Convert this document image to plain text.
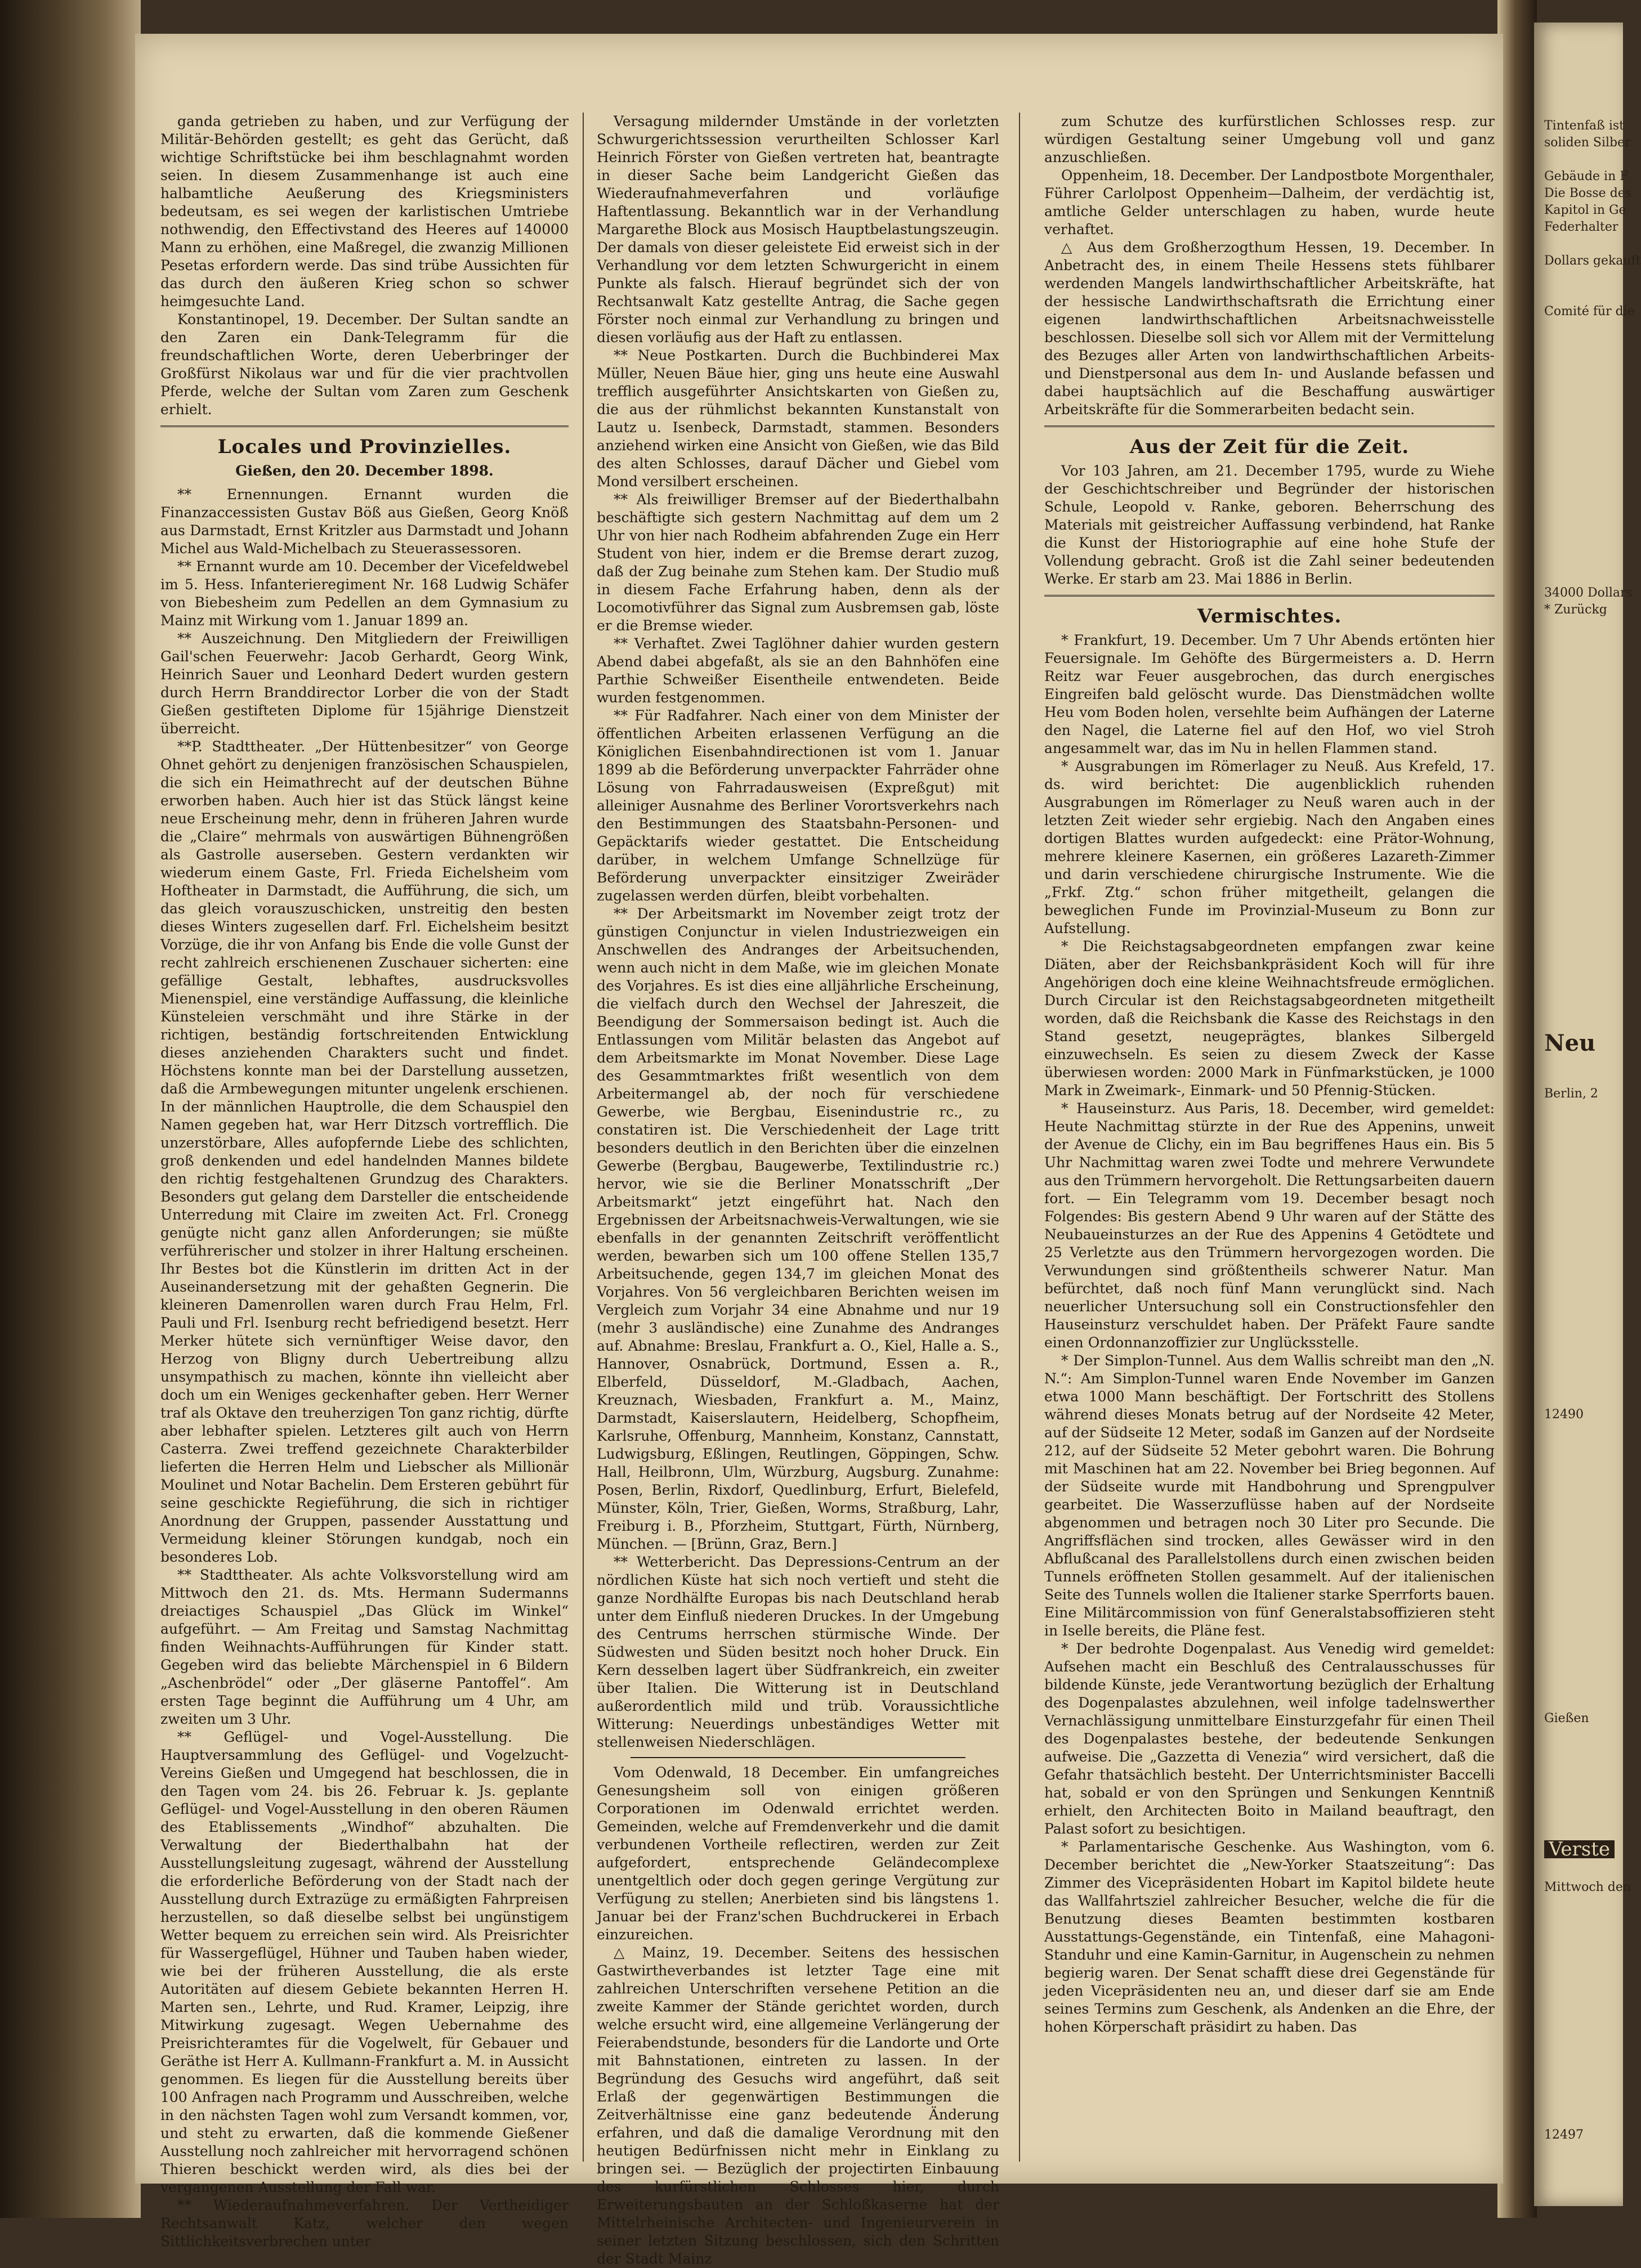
ganda getrieben zu haben, und zur Verfügung der Militär-Behörden gestellt; es geht das Gerücht, daß wichtige Schriftstücke bei ihm beschlagnahmt worden seien. In diesem Zusammenhange ist auch eine halbamtliche Aeußerung des Kriegsministers bedeutsam, es sei wegen der karlistischen Umtriebe nothwendig, den Effectivstand des Heeres auf 140000 Mann zu erhöhen, eine Maßregel, die zwanzig Millionen Pesetas erfordern werde. Das sind trübe Aussichten für das durch den äußeren Krieg schon so schwer heimgesuchte Land.

Konstantinopel, 19. December. Der Sultan sandte an den Zaren ein Dank-Telegramm für die freundschaftlichen Worte, deren Ueberbringer der Großfürst Nikolaus war und für die vier prachtvollen Pferde, welche der Sultan vom Zaren zum Geschenk erhielt.

Locales und Provinzielles.

Gießen, den 20. December 1898.

** Ernennungen. Ernannt wurden die Finanzaccessisten Gustav Böß aus Gießen, Georg Knöß aus Darmstadt, Ernst Kritzler aus Darmstadt und Johann Michel aus Wald-Michelbach zu Steuerassessoren.

** Ernannt wurde am 10. December der Vicefeldwebel im 5. Hess. Infanterieregiment Nr. 168 Ludwig Schäfer von Biebesheim zum Pedellen an dem Gymnasium zu Mainz mit Wirkung vom 1. Januar 1899 an.

** Auszeichnung. Den Mitgliedern der Freiwilligen Gail'schen Feuerwehr: Jacob Gerhardt, Georg Wink, Heinrich Sauer und Leonhard Dedert wurden gestern durch Herrn Branddirector Lorber die von der Stadt Gießen gestifteten Diplome für 15jährige Dienstzeit überreicht.

**P. Stadttheater. „Der Hüttenbesitzer“ von George Ohnet gehört zu denjenigen französischen Schauspielen, die sich ein Heimathrecht auf der deutschen Bühne erworben haben. Auch hier ist das Stück längst keine neue Erscheinung mehr, denn in früheren Jahren wurde die „Claire“ mehrmals von auswärtigen Bühnengrößen als Gastrolle auserseben. Gestern verdankten wir wiederum einem Gaste, Frl. Frieda Eichelsheim vom Hoftheater in Darmstadt, die Aufführung, die sich, um das gleich vorauszuschicken, unstreitig den besten dieses Winters zugesellen darf. Frl. Eichelsheim besitzt Vorzüge, die ihr von Anfang bis Ende die volle Gunst der recht zahlreich erschienenen Zuschauer sicherten: eine gefällige Gestalt, lebhaftes, ausdrucksvolles Mienenspiel, eine verständige Auffassung, die kleinliche Künsteleien verschmäht und ihre Stärke in der richtigen, beständig fortschreitenden Entwicklung dieses anziehenden Charakters sucht und findet. Höchstens konnte man bei der Darstellung aussetzen, daß die Armbewegungen mitunter ungelenk erschienen. In der männlichen Hauptrolle, die dem Schauspiel den Namen gegeben hat, war Herr Ditzsch vortrefflich. Die unzerstörbare, Alles aufopfernde Liebe des schlichten, groß denkenden und edel handelnden Mannes bildete den richtig festgehaltenen Grundzug des Charakters. Besonders gut gelang dem Darsteller die entscheidende Unterredung mit Claire im zweiten Act. Frl. Cronegg genügte nicht ganz allen Anforderungen; sie müßte verführerischer und stolzer in ihrer Haltung erscheinen. Ihr Bestes bot die Künstlerin im dritten Act in der Auseinandersetzung mit der gehaßten Gegnerin. Die kleineren Damenrollen waren durch Frau Helm, Frl. Pauli und Frl. Isenburg recht befriedigend besetzt. Herr Merker hütete sich vernünftiger Weise davor, den Herzog von Bligny durch Uebertreibung allzu unsympathisch zu machen, könnte ihn vielleicht aber doch um ein Weniges geckenhafter geben. Herr Werner traf als Oktave den treuherzigen Ton ganz richtig, dürfte aber lebhafter spielen. Letzteres gilt auch von Herrn Casterra. Zwei treffend gezeichnete Charakterbilder lieferten die Herren Helm und Liebscher als Millionär Moulinet und Notar Bachelin. Dem Ersteren gebührt für seine geschickte Regieführung, die sich in richtiger Anordnung der Gruppen, passender Ausstattung und Vermeidung kleiner Störungen kundgab, noch ein besonderes Lob.

** Stadttheater. Als achte Volksvorstellung wird am Mittwoch den 21. ds. Mts. Hermann Sudermanns dreiactiges Schauspiel „Das Glück im Winkel“ aufgeführt. — Am Freitag und Samstag Nachmittag finden Weihnachts-Aufführungen für Kinder statt. Gegeben wird das beliebte Märchenspiel in 6 Bildern „Aschenbrödel“ oder „Der gläserne Pantoffel“. Am ersten Tage beginnt die Aufführung um 4 Uhr, am zweiten um 3 Uhr.

** Geflügel- und Vogel-Ausstellung. Die Hauptversammlung des Geflügel- und Vogelzucht-Vereins Gießen und Umgegend hat beschlossen, die in den Tagen vom 24. bis 26. Februar k. Js. geplante Geflügel- und Vogel-Ausstellung in den oberen Räumen des Etablissements „Windhof“ abzuhalten. Die Verwaltung der Biederthalbahn hat der Ausstellungsleitung zugesagt, während der Ausstellung die erforderliche Beförderung von der Stadt nach der Ausstellung durch Extrazüge zu ermäßigten Fahrpreisen herzustellen, so daß dieselbe selbst bei ungünstigem Wetter bequem zu erreichen sein wird. Als Preisrichter für Wassergeflügel, Hühner und Tauben haben wieder, wie bei der früheren Ausstellung, die als erste Autoritäten auf diesem Gebiete bekannten Herren H. Marten sen., Lehrte, und Rud. Kramer, Leipzig, ihre Mitwirkung zugesagt. Wegen Uebernahme des Preisrichteramtes für die Vogelwelt, für Gebauer und Geräthe ist Herr A. Kullmann-Frankfurt a. M. in Aussicht genommen. Es liegen für die Ausstellung bereits über 100 Anfragen nach Programm und Ausschreiben, welche in den nächsten Tagen wohl zum Versandt kommen, vor, und steht zu erwarten, daß die kommende Gießener Ausstellung noch zahlreicher mit hervorragend schönen Thieren beschickt werden wird, als dies bei der vergangenen Ausstellung der Fall war.

** Wiederaufnahmeverfahren. Der Vertheidiger Rechtsanwalt Katz, welcher den wegen Sittlichkeitsverbrechen unter

Versagung mildernder Umstände in der vorletzten Schwurgerichtssession verurtheilten Schlosser Karl Heinrich Förster von Gießen vertreten hat, beantragte in dieser Sache beim Landgericht Gießen das Wiederaufnahmeverfahren und vorläufige Haftentlassung. Bekanntlich war in der Verhandlung Margarethe Block aus Mosisch Hauptbelastungszeugin. Der damals von dieser geleistete Eid erweist sich in der Verhandlung vor dem letzten Schwurgericht in einem Punkte als falsch. Hierauf begründet sich der von Rechtsanwalt Katz gestellte Antrag, die Sache gegen Förster noch einmal zur Verhandlung zu bringen und diesen vorläufig aus der Haft zu entlassen.

** Neue Postkarten. Durch die Buchbinderei Max Müller, Neuen Bäue hier, ging uns heute eine Auswahl trefflich ausgeführter Ansichtskarten von Gießen zu, die aus der rühmlichst bekannten Kunstanstalt von Lautz u. Isenbeck, Darmstadt, stammen. Besonders anziehend wirken eine Ansicht von Gießen, wie das Bild des alten Schlosses, darauf Dächer und Giebel vom Mond versilbert erscheinen.

** Als freiwilliger Bremser auf der Biederthalbahn beschäftigte sich gestern Nachmittag auf dem um 2 Uhr von hier nach Rodheim abfahrenden Zuge ein Herr Student von hier, indem er die Bremse derart zuzog, daß der Zug beinahe zum Stehen kam. Der Studio muß in diesem Fache Erfahrung haben, denn als der Locomotivführer das Signal zum Ausbremsen gab, löste er die Bremse wieder.

** Verhaftet. Zwei Taglöhner dahier wurden gestern Abend dabei abgefaßt, als sie an den Bahnhöfen eine Parthie Schweißer Eisentheile entwendeten. Beide wurden festgenommen.

** Für Radfahrer. Nach einer von dem Minister der öffentlichen Arbeiten erlassenen Verfügung an die Königlichen Eisenbahndirectionen ist vom 1. Januar 1899 ab die Beförderung unverpackter Fahrräder ohne Lösung von Fahrradausweisen (Expreßgut) mit alleiniger Ausnahme des Berliner Vorortsverkehrs nach den Bestimmungen des Staatsbahn-Personen- und Gepäcktarifs wieder gestattet. Die Entscheidung darüber, in welchem Umfange Schnellzüge für Beförderung unverpackter einsitziger Zweiräder zugelassen werden dürfen, bleibt vorbehalten.

** Der Arbeitsmarkt im November zeigt trotz der günstigen Conjunctur in vielen Industriezweigen ein Anschwellen des Andranges der Arbeitsuchenden, wenn auch nicht in dem Maße, wie im gleichen Monate des Vorjahres. Es ist dies eine alljährliche Erscheinung, die vielfach durch den Wechsel der Jahreszeit, die Beendigung der Sommersaison bedingt ist. Auch die Entlassungen vom Militär belasten das Angebot auf dem Arbeitsmarkte im Monat November. Diese Lage des Gesammtmarktes frißt wesentlich von dem Arbeitermangel ab, der noch für verschiedene Gewerbe, wie Bergbau, Eisenindustrie rc., zu constatiren ist. Die Verschiedenheit der Lage tritt besonders deutlich in den Berichten über die einzelnen Gewerbe (Bergbau, Baugewerbe, Textilindustrie rc.) hervor, wie sie die Berliner Monatsschrift „Der Arbeitsmarkt“ jetzt eingeführt hat. Nach den Ergebnissen der Arbeitsnachweis-Verwaltungen, wie sie ebenfalls in der genannten Zeitschrift veröffentlicht werden, bewarben sich um 100 offene Stellen 135,7 Arbeitsuchende, gegen 134,7 im gleichen Monat des Vorjahres. Von 56 vergleichbaren Berichten weisen im Vergleich zum Vorjahr 34 eine Abnahme und nur 19 (mehr 3 ausländische) eine Zunahme des Andranges auf. Abnahme: Breslau, Frankfurt a. O., Kiel, Halle a. S., Hannover, Osnabrück, Dortmund, Essen a. R., Elberfeld, Düsseldorf, M.-Gladbach, Aachen, Kreuznach, Wiesbaden, Frankfurt a. M., Mainz, Darmstadt, Kaiserslautern, Heidelberg, Schopfheim, Karlsruhe, Offenburg, Mannheim, Konstanz, Cannstatt, Ludwigsburg, Eßlingen, Reutlingen, Göppingen, Schw. Hall, Heilbronn, Ulm, Würzburg, Augsburg. Zunahme: Posen, Berlin, Rixdorf, Quedlinburg, Erfurt, Bielefeld, Münster, Köln, Trier, Gießen, Worms, Straßburg, Lahr, Freiburg i. B., Pforzheim, Stuttgart, Fürth, Nürnberg, München. — [Brünn, Graz, Bern.]

** Wetterbericht. Das Depressions-Centrum an der nördlichen Küste hat sich noch vertieft und steht die ganze Nordhälfte Europas bis nach Deutschland herab unter dem Einfluß niederen Druckes. In der Umgebung des Centrums herrschen stürmische Winde. Der Südwesten und Süden besitzt noch hoher Druck. Ein Kern desselben lagert über Südfrankreich, ein zweiter über Italien. Die Witterung ist in Deutschland außerordentlich mild und trüb. Voraussichtliche Witterung: Neuerdings unbeständiges Wetter mit stellenweisen Niederschlägen.

Vom Odenwald, 18 December. Ein umfangreiches Genesungsheim soll von einigen größeren Corporationen im Odenwald errichtet werden. Gemeinden, welche auf Fremdenverkehr und die damit verbundenen Vortheile reflectiren, werden zur Zeit aufgefordert, entsprechende Geländecomplexe unentgeltlich oder doch gegen geringe Vergütung zur Verfügung zu stellen; Anerbieten sind bis längstens 1. Januar bei der Franz'schen Buchdruckerei in Erbach einzureichen.

△ Mainz, 19. December. Seitens des hessischen Gastwirtheverbandes ist letzter Tage eine mit zahlreichen Unterschriften versehene Petition an die zweite Kammer der Stände gerichtet worden, durch welche ersucht wird, eine allgemeine Verlängerung der Feierabendstunde, besonders für die Landorte und Orte mit Bahnstationen, eintreten zu lassen. In der Begründung des Gesuchs wird angeführt, daß seit Erlaß der gegenwärtigen Bestimmungen die Zeitverhältnisse eine ganz bedeutende Änderung erfahren, und daß die damalige Verordnung mit den heutigen Bedürfnissen nicht mehr in Einklang zu bringen sei. — Bezüglich der projectirten Einbauung des kurfürstlichen Schlosses hier, durch Erweiterungsbauten an der Schloßkaserne hat der Mittelrheinische Architecten- und Ingenieurverein in seiner letzten Sitzung beschlossen, sich den Schritten der Stadt Mainz

zum Schutze des kurfürstlichen Schlosses resp. zur würdigen Gestaltung seiner Umgebung voll und ganz anzuschließen.

Oppenheim, 18. December. Der Landpostbote Morgenthaler, Führer Carlolpost Oppenheim—Dalheim, der verdächtig ist, amtliche Gelder unterschlagen zu haben, wurde heute verhaftet.

△ Aus dem Großherzogthum Hessen, 19. December. In Anbetracht des, in einem Theile Hessens stets fühlbarer werdenden Mangels landwirthschaftlicher Arbeitskräfte, hat der hessische Landwirthschaftsrath die Errichtung einer eigenen landwirthschaftlichen Arbeitsnachweisstelle beschlossen. Dieselbe soll sich vor Allem mit der Vermittelung des Bezuges aller Arten von landwirthschaftlichen Arbeits- und Dienstpersonal aus dem In- und Auslande befassen und dabei hauptsächlich auf die Beschaffung auswärtiger Arbeitskräfte für die Sommerarbeiten bedacht sein.

Aus der Zeit für die Zeit.

Vor 103 Jahren, am 21. December 1795, wurde zu Wiehe der Geschichtschreiber und Begründer der historischen Schule, Leopold v. Ranke, geboren. Beherrschung des Materials mit geistreicher Auffassung verbindend, hat Ranke die Kunst der Historiographie auf eine hohe Stufe der Vollendung gebracht. Groß ist die Zahl seiner bedeutenden Werke. Er starb am 23. Mai 1886 in Berlin.

Vermischtes.

* Frankfurt, 19. December. Um 7 Uhr Abends ertönten hier Feuersignale. Im Gehöfte des Bürgermeisters a. D. Herrn Reitz war Feuer ausgebrochen, das durch energisches Eingreifen bald gelöscht wurde. Das Dienstmädchen wollte Heu vom Boden holen, versehlte beim Aufhängen der Laterne den Nagel, die Laterne fiel auf den Hof, wo viel Stroh angesammelt war, das im Nu in hellen Flammen stand.

* Ausgrabungen im Römerlager zu Neuß. Aus Krefeld, 17. ds. wird berichtet: Die augenblicklich ruhenden Ausgrabungen im Römerlager zu Neuß waren auch in der letzten Zeit wieder sehr ergiebig. Nach den Angaben eines dortigen Blattes wurden aufgedeckt: eine Prätor-Wohnung, mehrere kleinere Kasernen, ein größeres Lazareth-Zimmer und darin verschiedene chirurgische Instrumente. Wie die „Frkf. Ztg.“ schon früher mitgetheilt, gelangen die beweglichen Funde im Provinzial-Museum zu Bonn zur Aufstellung.

* Die Reichstagsabgeordneten empfangen zwar keine Diäten, aber der Reichsbankpräsident Koch will für ihre Angehörigen doch eine kleine Weihnachtsfreude ermöglichen. Durch Circular ist den Reichstagsabgeordneten mitgetheilt worden, daß die Reichsbank die Kasse des Reichstags in den Stand gesetzt, neugeprägtes, blankes Silbergeld einzuwechseln. Es seien zu diesem Zweck der Kasse überwiesen worden: 2000 Mark in Fünfmarkstücken, je 1000 Mark in Zweimark-, Einmark- und 50 Pfennig-Stücken.

* Hauseinsturz. Aus Paris, 18. December, wird gemeldet: Heute Nachmittag stürzte in der Rue des Appenins, unweit der Avenue de Clichy, ein im Bau begriffenes Haus ein. Bis 5 Uhr Nachmittag waren zwei Todte und mehrere Verwundete aus den Trümmern hervorgeholt. Die Rettungsarbeiten dauern fort. — Ein Telegramm vom 19. December besagt noch Folgendes: Bis gestern Abend 9 Uhr waren auf der Stätte des Neubaueinsturzes an der Rue des Appenins 4 Getödtete und 25 Verletzte aus den Trümmern hervorgezogen worden. Die Verwundungen sind größtentheils schwerer Natur. Man befürchtet, daß noch fünf Mann verunglückt sind. Nach neuerlicher Untersuchung soll ein Constructionsfehler den Hauseinsturz verschuldet haben. Der Präfekt Faure sandte einen Ordonnanzoffizier zur Unglücksstelle.

* Der Simplon-Tunnel. Aus dem Wallis schreibt man den „N. N.“: Am Simplon-Tunnel waren Ende November im Ganzen etwa 1000 Mann beschäftigt. Der Fortschritt des Stollens während dieses Monats betrug auf der Nordseite 42 Meter, auf der Südseite 12 Meter, sodaß im Ganzen auf der Nordseite 212, auf der Südseite 52 Meter gebohrt waren. Die Bohrung mit Maschinen hat am 22. November bei Brieg begonnen. Auf der Südseite wurde mit Handbohrung und Sprengpulver gearbeitet. Die Wasserzuflüsse haben auf der Nordseite abgenommen und betragen noch 30 Liter pro Secunde. Die Angriffsflächen sind trocken, alles Gewässer wird in den Abflußcanal des Parallelstollens durch einen zwischen beiden Tunnels eröffneten Stollen gesammelt. Auf der italienischen Seite des Tunnels wollen die Italiener starke Sperrforts bauen. Eine Militärcommission von fünf Generalstabsoffizieren steht in Iselle bereits, die Pläne fest.

* Der bedrohte Dogenpalast. Aus Venedig wird gemeldet: Aufsehen macht ein Beschluß des Centralausschusses für bildende Künste, jede Verantwortung bezüglich der Erhaltung des Dogenpalastes abzulehnen, weil infolge tadelnswerther Vernachlässigung unmittelbare Einsturzgefahr für einen Theil des Dogenpalastes bestehe, der bedeutende Senkungen aufweise. Die „Gazzetta di Venezia“ wird versichert, daß die Gefahr thatsächlich besteht. Der Unterrichtsminister Baccelli hat, sobald er von den Sprüngen und Senkungen Kenntniß erhielt, den Architecten Boito in Mailand beauftragt, den Palast sofort zu besichtigen.

* Parlamentarische Geschenke. Aus Washington, vom 6. December berichtet die „New-Yorker Staatszeitung“: Das Zimmer des Vicepräsidenten Hobart im Kapitol bildete heute das Wallfahrtsziel zahlreicher Besucher, welche die für die Benutzung dieses Beamten bestimmten kostbaren Ausstattungs-Gegenstände, ein Tintenfaß, eine Mahagoni-Standuhr und eine Kamin-Garnitur, in Augenschein zu nehmen begierig waren. Der Senat schafft diese drei Gegenstände für jeden Vicepräsidenten neu an, und dieser darf sie am Ende seines Termins zum Geschenk, als Andenken an die Ehre, der hohen Körperschaft präsidirt zu haben. Das

Tintenfaß ist
soliden Silber
Gebäude in F
Die Bosse des
Kapitol in Ge
Federhalter
Dollars gekauft
Comité für die
34000 Dollars
* Zurückg
Berlin, 2
Neu
12490
Gießen
Verste
Mittwoch den
12497
